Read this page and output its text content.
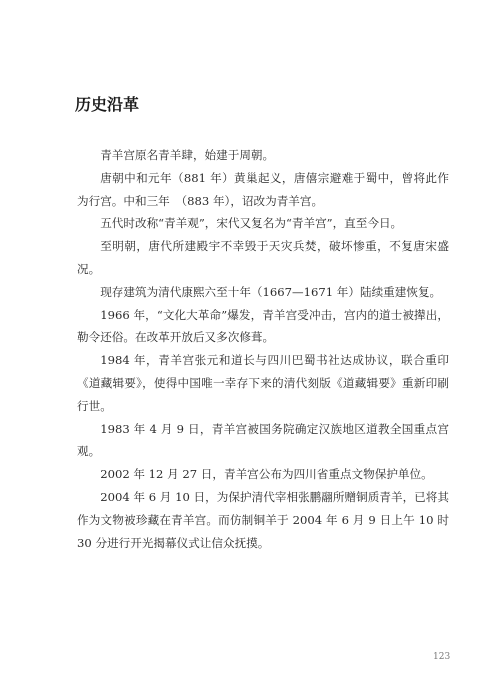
历史沿革

青羊宫原名青羊肆，始建于周朝。

唐朝中和元年（881 年）黄巢起义，唐僖宗避难于蜀中，曾将此作为行宫。中和三年　（883 年），诏改为青羊宫。

五代时改称“青羊观”，宋代又复名为“青羊宫”，直至今日。

至明朝，唐代所建殿宇不幸毁于天灾兵焚，破坏惨重，不复唐宋盛况。

现存建筑为清代康熙六至十年（1667—1671 年）陆续重建恢复。

1966 年，“文化大革命”爆发，青羊宫受冲击，宫内的道士被撵出，勒令还俗。在改革开放后又多次修葺。

1984 年，青羊宫张元和道长与四川巴蜀书社达成协议，联合重印《道藏辑要》，使得中国唯一幸存下来的清代刻版《道藏辑要》重新印刷行世。

1983 年 4 月 9 日，青羊宫被国务院确定汉族地区道教全国重点宫观。

2002 年 12 月 27 日，青羊宫公布为四川省重点文物保护单位。

2004 年 6 月 10 日，为保护清代宰相张鹏翮所赠铜质青羊，已将其作为文物被珍藏在青羊宫。而仿制铜羊于 2004 年 6 月 9 日上午 10 时 30 分进行开光揭幕仪式让信众抚摸。

123
